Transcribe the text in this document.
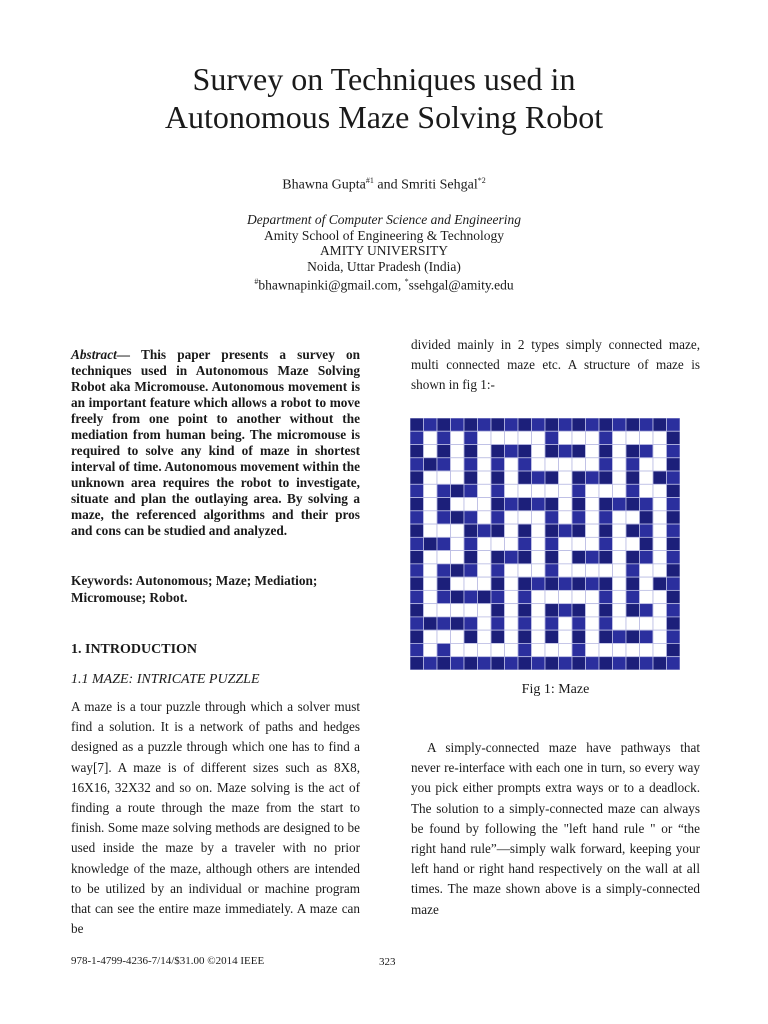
Survey on Techniques used in
Autonomous Maze Solving Robot
Bhawna Gupta$^{\#1}$ and Smriti Sehgal$^{*2}$
Department of Computer Science and Engineering
Amity School of Engineering & Technology
AMITY UNIVERSITY
Noida, Uttar Pradesh (India)
#bhawnapinki@gmail.com, *ssehgal@amity.edu
Abstract— This paper presents a survey on techniques used in Autonomous Maze Solving Robot aka Micromouse. Autonomous movement is an important feature which allows a robot to move freely from one point to another without the mediation from human being. The micromouse is required to solve any kind of maze in shortest interval of time. Autonomous movement within the unknown area requires the robot to investigate, situate and plan the outlaying area. By solving a maze, the referenced algorithms and their pros and cons can be studied and analyzed.
Keywords: Autonomous; Maze; Mediation; Micromouse; Robot.
1. INTRODUCTION
1.1 MAZE: INTRICATE PUZZLE
A maze is a tour puzzle through which a solver must find a solution. It is a network of paths and hedges designed as a puzzle through which one has to find a way[7]. A maze is of different sizes such as 8X8, 16X16, 32X32 and so on. Maze solving is the act of finding a route through the maze from the start to finish. Some maze solving methods are designed to be used inside the maze by a traveler with no prior knowledge of the maze, although others are intended to be utilized by an individual or machine program that can see the entire maze immediately. A maze can be
divided mainly in 2 types simply connected maze, multi connected maze etc. A structure of maze is shown in fig 1:-
Fig 1: Maze
A simply-connected maze have pathways that never re-interface with each one in turn, so every way you pick either prompts extra ways or to a deadlock. The solution to a simply-connected maze can always be found by following the "left hand rule " or “the right hand rule”—simply walk forward, keeping your left hand or right hand respectively on the wall at all times. The maze shown above is a simply-connected maze
978-1-4799-4236-7/14/$31.00 ©2014 IEEE	323
